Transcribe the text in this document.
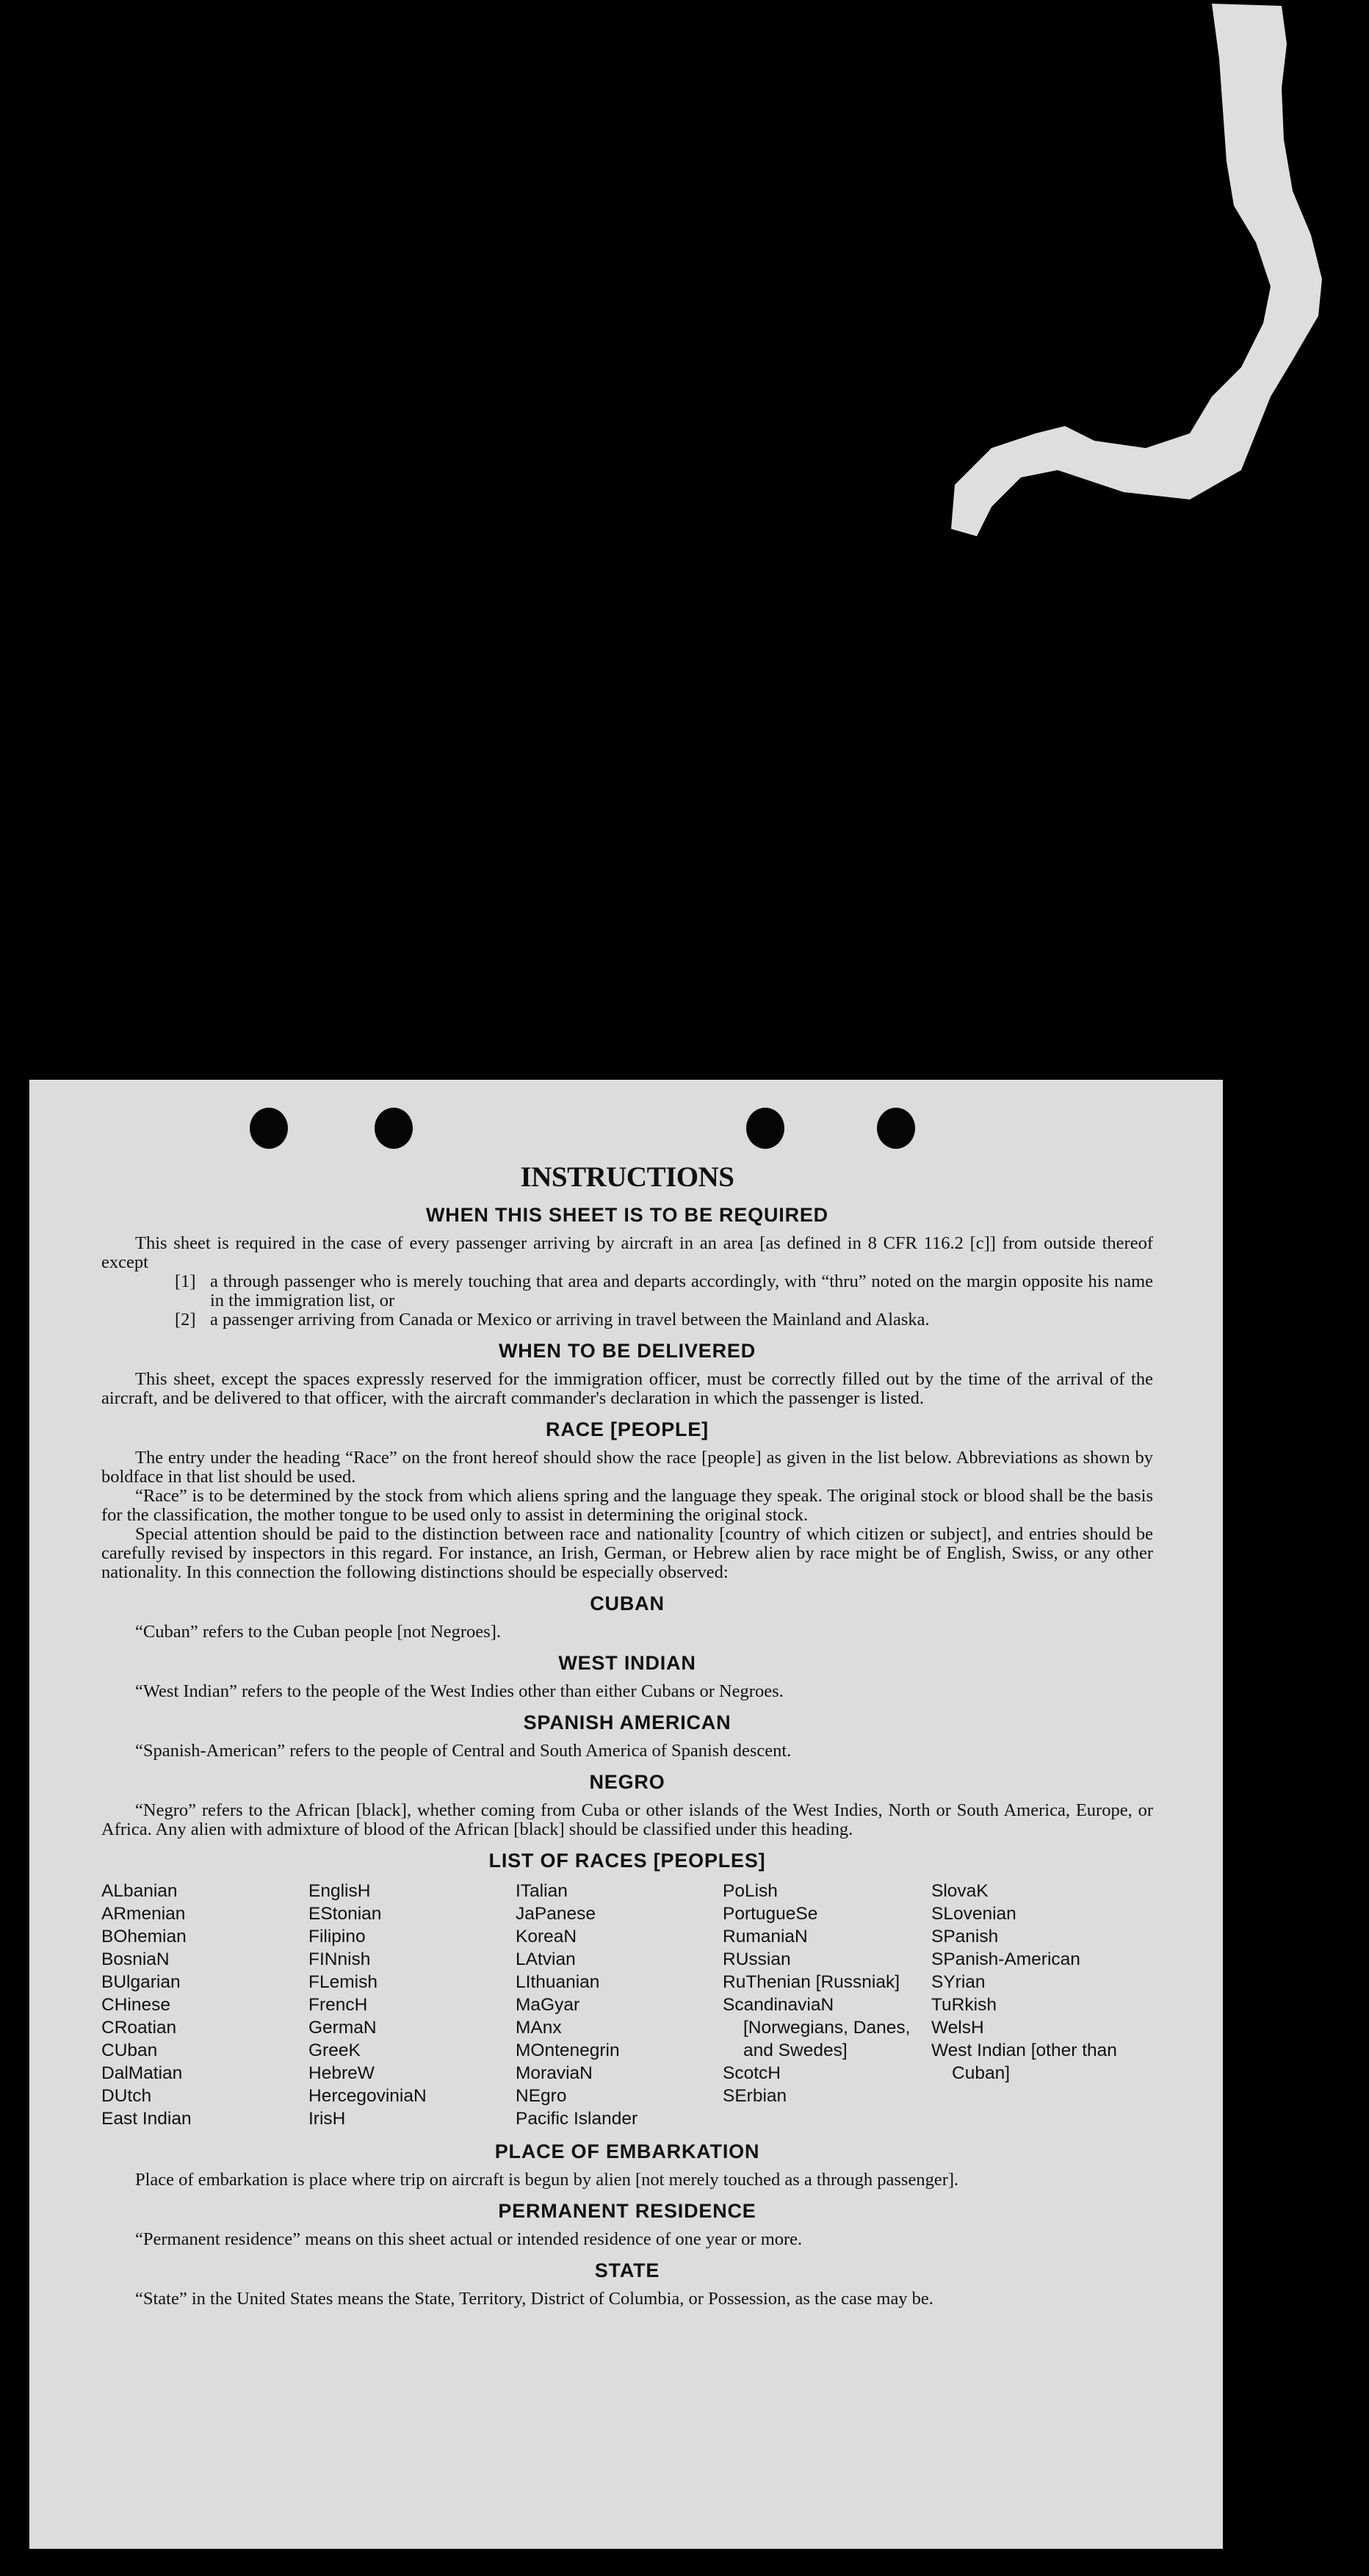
INSTRUCTIONS
WHEN THIS SHEET IS TO BE REQUIRED

This sheet is required in the case of every passenger arriving by aircraft in an area [as defined in 8 CFR 116.2 [c]] from outside thereof except

[1] a through passenger who is merely touching that area and departs accordingly, with “thru” noted on the margin opposite his name in the immigration list, or
[2] a passenger arriving from Canada or Mexico or arriving in travel between the Mainland and Alaska.
WHEN TO BE DELIVERED

This sheet, except the spaces expressly reserved for the immigration officer, must be correctly filled out by the time of the arrival of the aircraft, and be delivered to that officer, with the aircraft commander's declaration in which the passenger is listed.

RACE [PEOPLE]

The entry under the heading “Race” on the front hereof should show the race [people] as given in the list below. Abbreviations as shown by boldface in that list should be used.

“Race” is to be determined by the stock from which aliens spring and the language they speak. The original stock or blood shall be the basis for the classification, the mother tongue to be used only to assist in determining the original stock.

Special attention should be paid to the distinction between race and nationality [country of which citizen or subject], and entries should be carefully revised by inspectors in this regard. For instance, an Irish, German, or Hebrew alien by race might be of English, Swiss, or any other nationality. In this connection the following distinctions should be especially observed:

CUBAN

“Cuban” refers to the Cuban people [not Negroes].

WEST INDIAN

“West Indian” refers to the people of the West Indies other than either Cubans or Negroes.

SPANISH AMERICAN

“Spanish-American” refers to the people of Central and South America of Spanish descent.

NEGRO

“Negro” refers to the African [black], whether coming from Cuba or other islands of the West Indies, North or South America, Europe, or Africa. Any alien with admixture of blood of the African [black] should be classified under this heading.

LIST OF RACES [PEOPLES]
ALbanian
ARmenian
BOhemian
BosniaN
BUlgarian
CHinese
CRoatian
CUban
DalMatian
DUtch
East Indian
EnglisH
EStonian
Filipino
FINnish
FLemish
FrencH
GermaN
GreeK
HebreW
HercegoviniaN
IrisH
ITalian
JaPanese
KoreaN
LAtvian
LIthuanian
MaGyar
MAnx
MOntenegrin
MoraviaN
NEgro
Pacific Islander
PoLish
PortugueSe
RumaniaN
RUssian
RuThenian [Russniak]
ScandinaviaN [Norwegians, Danes, and Swedes]
ScotcH
SErbian
SlovaK
SLovenian
SPanish
SPanish-American
SYrian
TuRkish
WelsH
West Indian [other than Cuban]
PLACE OF EMBARKATION

Place of embarkation is place where trip on aircraft is begun by alien [not merely touched as a through passenger].

PERMANENT RESIDENCE

“Permanent residence” means on this sheet actual or intended residence of one year or more.

STATE

“State” in the United States means the State, Territory, District of Columbia, or Possession, as the case may be.
